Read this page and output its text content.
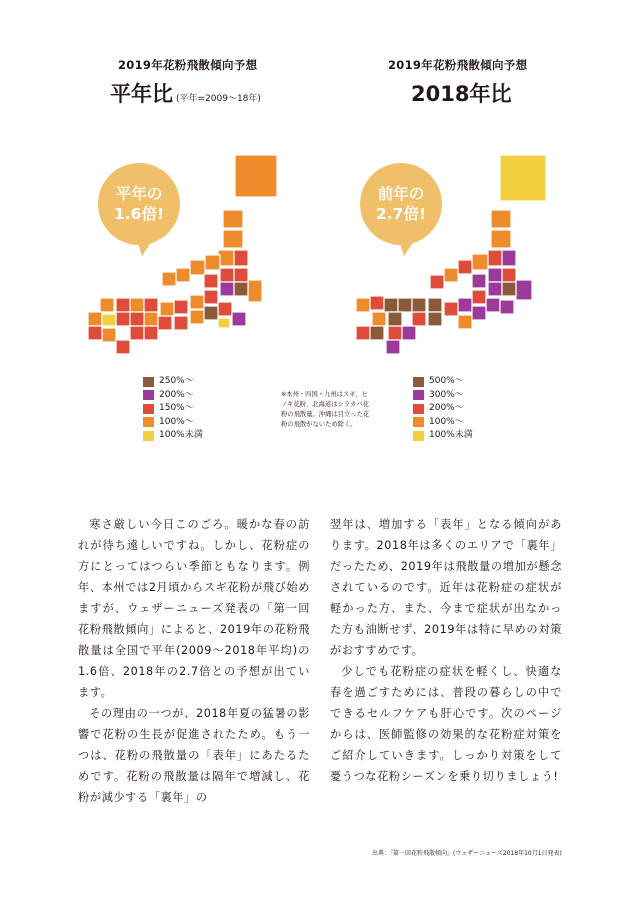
2019年花粉飛散傾向予想
平年比 (平年=2009〜18年)
平年の
1.6倍!
250%〜
200%〜
150%〜
100%〜
100%未満
※本州・四国・九州はスギ、ヒノキ花粉、北海道はシラカバ花粉の飛散量。沖縄は目立った花粉の飛散がないため除く。
2019年花粉飛散傾向予想
2018年比
前年の
2.7倍!
500%〜
300%〜
200%〜
100%〜
100%未満

寒さ厳しい今日このごろ。暖かな春の訪れが待ち遠しいですね。しかし、花粉症の方にとってはつらい季節ともなります。例年、本州では2月頃からスギ花粉が飛び始めますが、ウェザーニューズ発表の「第一回花粉飛散傾向」によると、2019年の花粉飛散量は全国で平年(2009〜2018年平均)の1.6倍、2018年の2.7倍との予想が出ています。

その理由の一つが、2018年夏の猛暑の影響で花粉の生長が促進されたため。もう一つは、花粉の飛散量の「表年」にあたるためです。花粉の飛散量は隔年で増減し、花粉が減少する「裏年」の

翌年は、増加する「表年」となる傾向があります。2018年は多くのエリアで「裏年」だったため、2019年は飛散量の増加が懸念されているのです。近年は花粉症の症状が軽かった方、また、今まで症状が出なかった方も油断せず、2019年は特に早めの対策がおすすめです。

少しでも花粉症の症状を軽くし、快適な春を過ごすためには、普段の暮らしの中でできるセルフケアも肝心です。次のページからは、医師監修の効果的な花粉症対策をご紹介していきます。しっかり対策をして憂うつな花粉シーズンを乗り切りましょう!

出典：「第一回花粉飛散傾向」(ウェザーニューズ2018年10月1日発表)
